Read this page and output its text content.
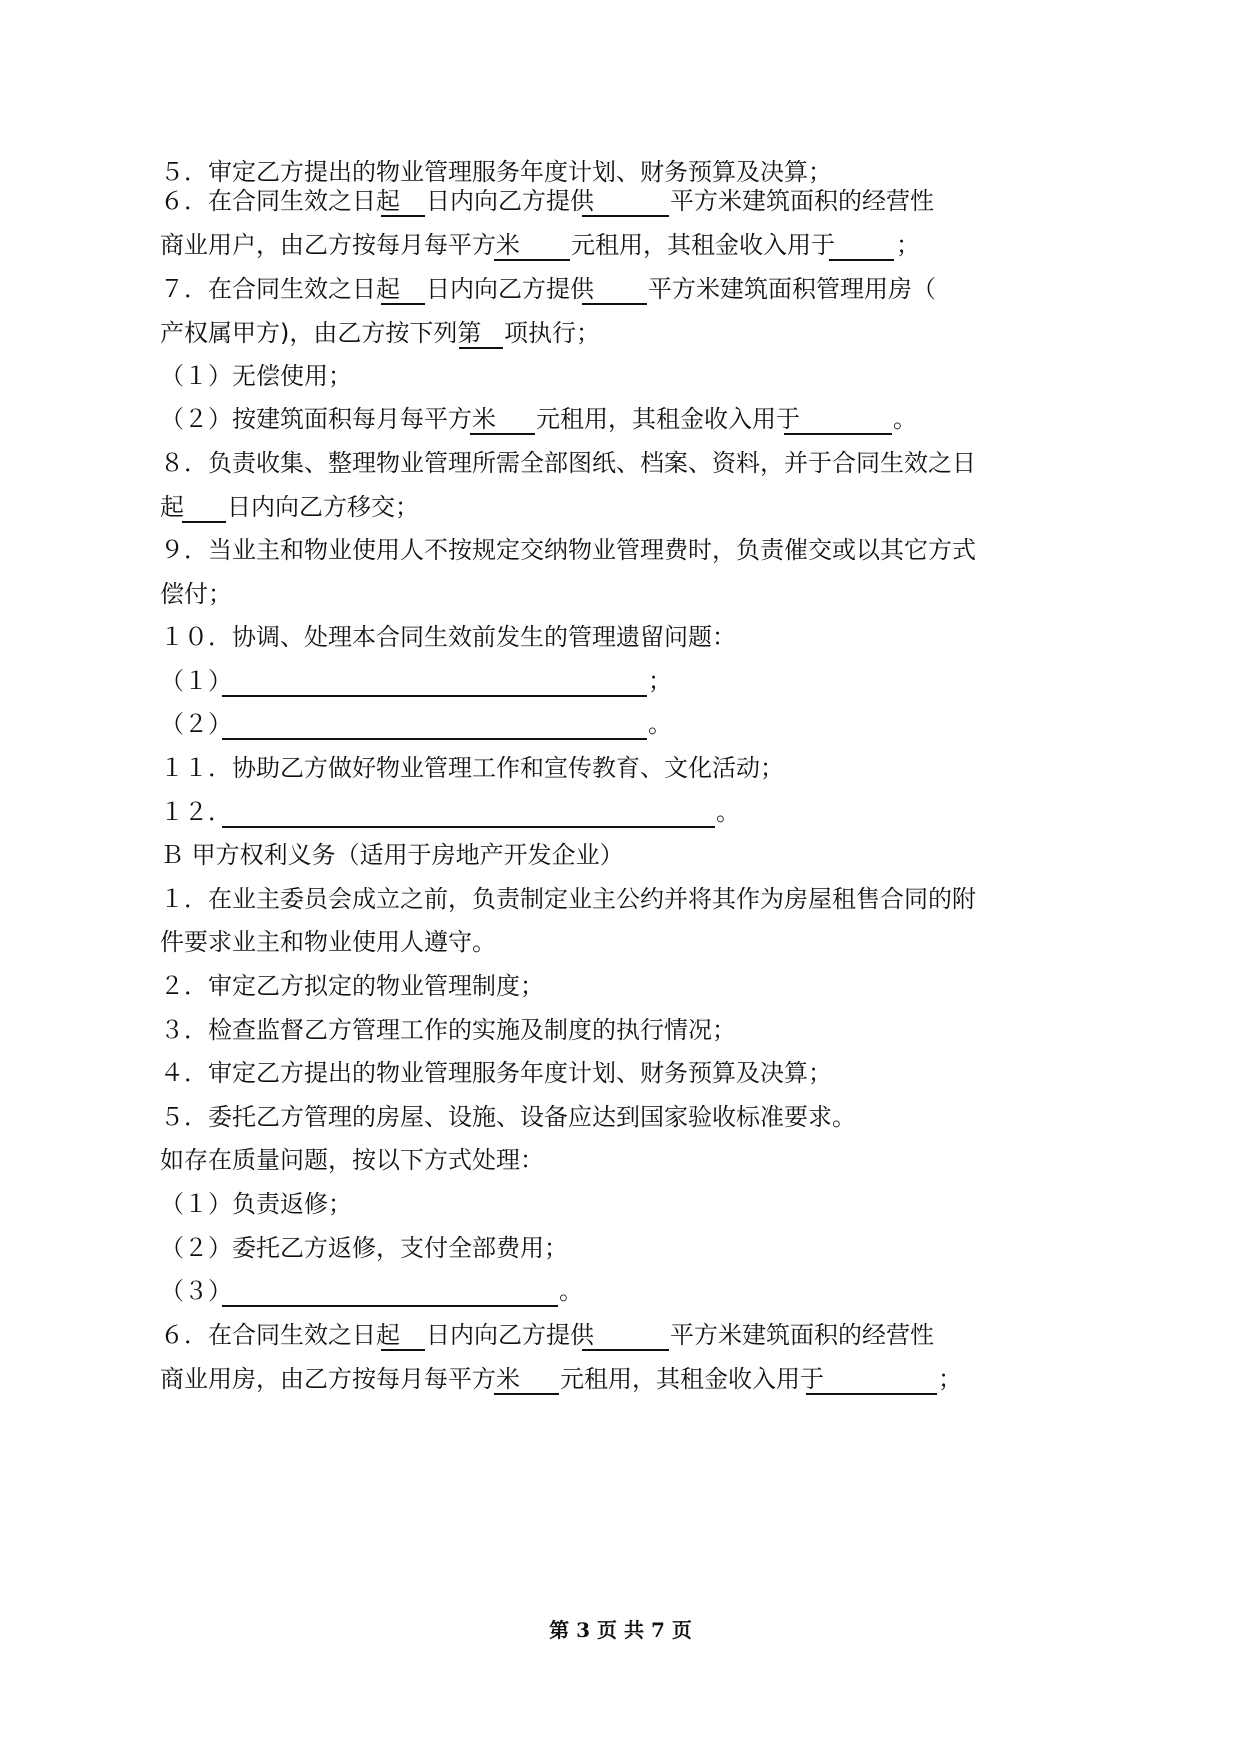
５．审定乙方提出的物业管理服务年度计划、财务预算及决算；
６．在合同生效之日起 日内向乙方提供	平方米建筑面积的经营性
商业用户，由乙方按每月每平方米 元租用，其租金收入用于	；
７．在合同生效之日起 日内向乙方提供 平方米建筑面积管理用房（
产权属甲方)，由乙方按下列第 项执行；
（１）无偿使用；
（２）按建筑面积每月每平方米 元租用，其租金收入用于	。
８．负责收集、整理物业管理所需全部图纸、档案、资料，并于合同生效之日
起 日内向乙方移交；
９．当业主和物业使用人不按规定交纳物业管理费时，负责催交或以其它方式
偿付；
１０．协调、处理本合同生效前发生的管理遗留问题：
（１）	；
（２）	。
１１．协助乙方做好物业管理工作和宣传教育、文化活动；
１２．	。
Ｂ 甲方权利义务（适用于房地产开发企业）
１．在业主委员会成立之前，负责制定业主公约并将其作为房屋租售合同的附
件要求业主和物业使用人遵守。
２．审定乙方拟定的物业管理制度；
３．检查监督乙方管理工作的实施及制度的执行情况；
４．审定乙方提出的物业管理服务年度计划、财务预算及决算；
５．委托乙方管理的房屋、设施、设备应达到国家验收标准要求。
如存在质量问题，按以下方式处理：
（１）负责返修；
（２）委托乙方返修，支付全部费用；
（３）	。
６．在合同生效之日起 日内向乙方提供	平方米建筑面积的经营性
商业用房，由乙方按每月每平方米 元租用，其租金收入用于	；
第 3 页 共 7 页
